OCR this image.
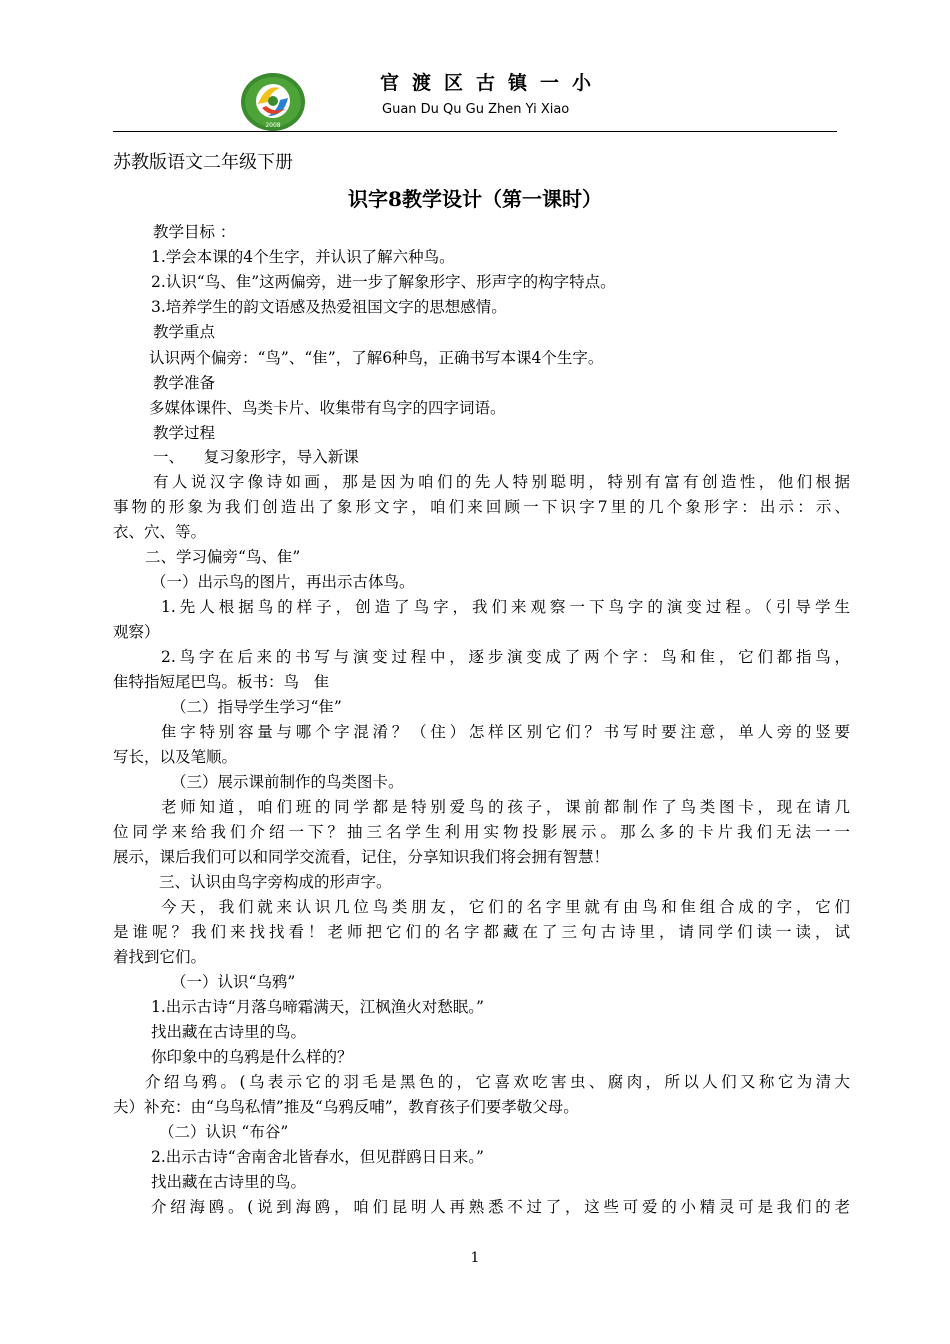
2008
官渡区古镇一小
Guan Du Qu Gu Zhen Yi Xiao
苏教版语文二年级下册
识字8教学设计（第一课时）
教学目标 ：
1.学会本课的4个生字，并认识了解六种鸟。
2.认识“鸟、隹”这两偏旁，进一步了解象形字、形声字的构字特点。
3.培养学生的韵文语感及热爱祖国文字的思想感情。
教学重点
认识两个偏旁：“鸟”、“隹”，了解6种鸟，正确书写本课4个生字。
教学准备
多媒体课件、鸟类卡片、收集带有鸟字的四字词语。
教学过程
一、    复习象形字，导入新课
有人说汉字像诗如画，那是因为咱们的先人特别聪明，特别有富有创造性，他们根据
事物的形象为我们创造出了象形文字，咱们来回顾一下识字7里的几个象形字：出示：示、
衣、穴、等。
二、学习偏旁“鸟、隹”
（一）出示鸟的图片，再出示古体鸟。
1.先人根据鸟的样子，创造了鸟字，我们来观察一下鸟字的演变过程。（引导学生
观察）
2.鸟字在后来的书写与演变过程中，逐步演变成了两个字：鸟和隹，它们都指鸟，
隹特指短尾巴鸟。板书：鸟   隹
（二）指导学生学习“隹”
隹字特别容量与哪个字混淆？（住）怎样区别它们？书写时要注意，单人旁的竖要
写长，以及笔顺。
（三）展示课前制作的鸟类图卡。
老师知道，咱们班的同学都是特别爱鸟的孩子，课前都制作了鸟类图卡，现在请几
位同学来给我们介绍一下？抽三名学生利用实物投影展示。那么多的卡片我们无法一一
展示，课后我们可以和同学交流看，记住，分享知识我们将会拥有智慧！
三、认识由鸟字旁构成的形声字。
今天，我们就来认识几位鸟类朋友，它们的名字里就有由鸟和隹组合成的字，它们
是谁呢？我们来找找看！老师把它们的名字都藏在了三句古诗里，请同学们读一读，试
着找到它们。
（一）认识“乌鸦”
1.出示古诗“月落乌啼霜满天，江枫渔火对愁眠。”
找出藏在古诗里的鸟。
你印象中的乌鸦是什么样的？
介绍乌鸦。(乌表示它的羽毛是黑色的，它喜欢吃害虫、腐肉，所以人们又称它为清大
夫）补充：由“乌鸟私情”推及“乌鸦反哺”，教育孩子们要孝敬父母。
（二）认识 “布谷”
2.出示古诗“舍南舍北皆春水，但见群鸥日日来。”
找出藏在古诗里的鸟。
介绍海鸥。(说到海鸥，咱们昆明人再熟悉不过了，这些可爱的小精灵可是我们的老
1
